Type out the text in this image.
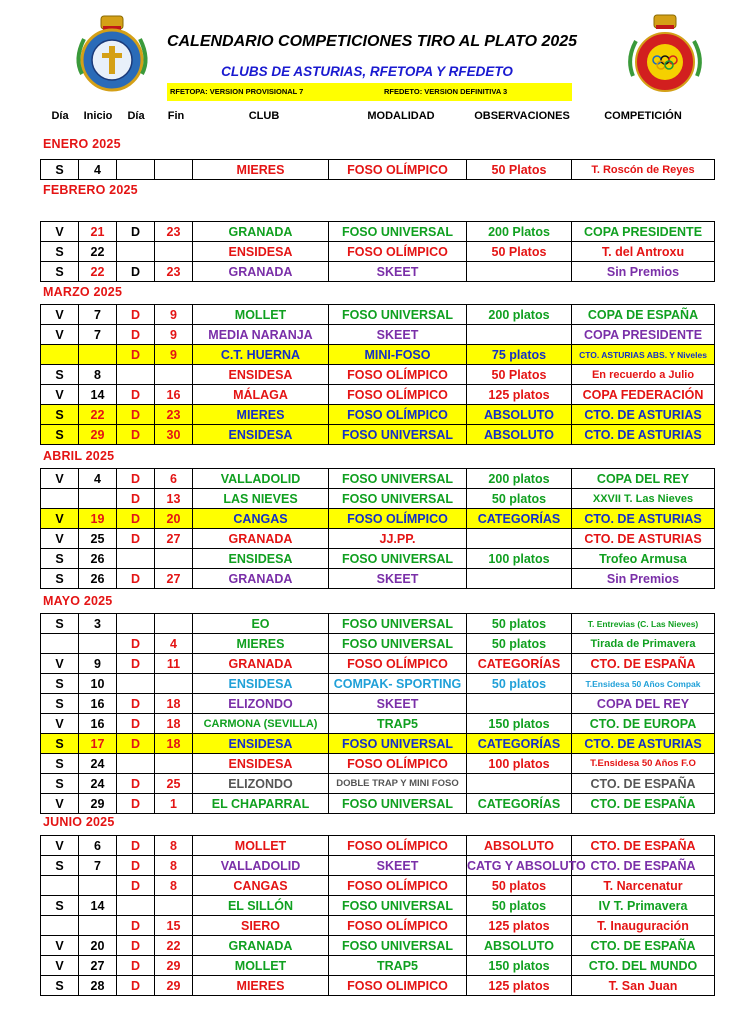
CALENDARIO COMPETICIONES TIRO AL PLATO 2025
CLUBS DE ASTURIAS, RFETOPA Y RFEDETO
RFETOPA: VERSION PROVISIONAL 7	RFEDETO: VERSION DEFINITIVA 3
Día	Inicio	Día	Fin	CLUB	MODALIDAD	OBSERVACIONES	COMPETICIÓN
ENERO 2025
S	4			MIERES	FOSO OLÍMPICO	50 Platos	T. Roscón de Reyes
FEBRERO 2025
V	21	D	23	GRANADA	FOSO UNIVERSAL	200 Platos	COPA PRESIDENTE
S	22			ENSIDESA	FOSO OLÍMPICO	50 Platos	T. del Antroxu
S	22	D	23	GRANADA	SKEET		Sin Premios
MARZO 2025
V	7	D	9	MOLLET	FOSO UNIVERSAL	200 platos	COPA DE ESPAÑA
V	7	D	9	MEDIA NARANJA	SKEET		COPA PRESIDENTE
		D	9	C.T. HUERNA	MINI-FOSO	75 platos	CTO. ASTURIAS ABS. Y Niveles
S	8			ENSIDESA	FOSO OLÍMPICO	50 Platos	En recuerdo a Julio
V	14	D	16	MÁLAGA	FOSO OLÍMPICO	125 platos	COPA FEDERACIÓN
S	22	D	23	MIERES	FOSO OLÍMPICO	ABSOLUTO	CTO. DE ASTURIAS
S	29	D	30	ENSIDESA	FOSO UNIVERSAL	ABSOLUTO	CTO. DE ASTURIAS
ABRIL 2025
V	4	D	6	VALLADOLID	FOSO UNIVERSAL	200 platos	COPA DEL REY
		D	13	LAS NIEVES	FOSO UNIVERSAL	50 platos	XXVII T. Las Nieves
V	19	D	20	CANGAS	FOSO OLÍMPICO	CATEGORÍAS	CTO. DE ASTURIAS
V	25	D	27	GRANADA	JJ.PP.		CTO. DE ASTURIAS
S	26			ENSIDESA	FOSO UNIVERSAL	100 platos	Trofeo Armusa
S	26	D	27	GRANADA	SKEET		Sin Premios
MAYO 2025
S	3			EO	FOSO UNIVERSAL	50 platos	T. Entrevias (C. Las Nieves)
		D	4	MIERES	FOSO UNIVERSAL	50 platos	Tirada de Primavera
V	9	D	11	GRANADA	FOSO OLÍMPICO	CATEGORÍAS	CTO. DE ESPAÑA
S	10			ENSIDESA	COMPAK- SPORTING	50 platos	T.Ensidesa 50 Años Compak
S	16	D	18	ELIZONDO	SKEET		COPA DEL REY
V	16	D	18	CARMONA (SEVILLA)	TRAP5	150 platos	CTO. DE EUROPA
S	17	D	18	ENSIDESA	FOSO UNIVERSAL	CATEGORÍAS	CTO. DE ASTURIAS
S	24			ENSIDESA	FOSO OLÍMPICO	100 platos	T.Ensidesa 50 Años F.O
S	24	D	25	ELIZONDO	DOBLE TRAP Y MINI FOSO		CTO. DE ESPAÑA
V	29	D	1	EL CHAPARRAL	FOSO UNIVERSAL	CATEGORÍAS	CTO. DE ESPAÑA
JUNIO 2025
V	6	D	8	MOLLET	FOSO OLÍMPICO	ABSOLUTO	CTO. DE ESPAÑA
S	7	D	8	VALLADOLID	SKEET	CATG Y ABSOLUTO	CTO. DE ESPAÑA
		D	8	CANGAS	FOSO OLÍMPICO	50 platos	T. Narcenatur
S	14			EL SILLÓN	FOSO UNIVERSAL	50 platos	IV T. Primavera
		D	15	SIERO	FOSO OLÍMPICO	125 platos	T. Inauguración
V	20	D	22	GRANADA	FOSO UNIVERSAL	ABSOLUTO	CTO. DE ESPAÑA
V	27	D	29	MOLLET	TRAP5	150 platos	CTO. DEL MUNDO
S	28	D	29	MIERES	FOSO OLIMPICO	125 platos	T. San Juan
